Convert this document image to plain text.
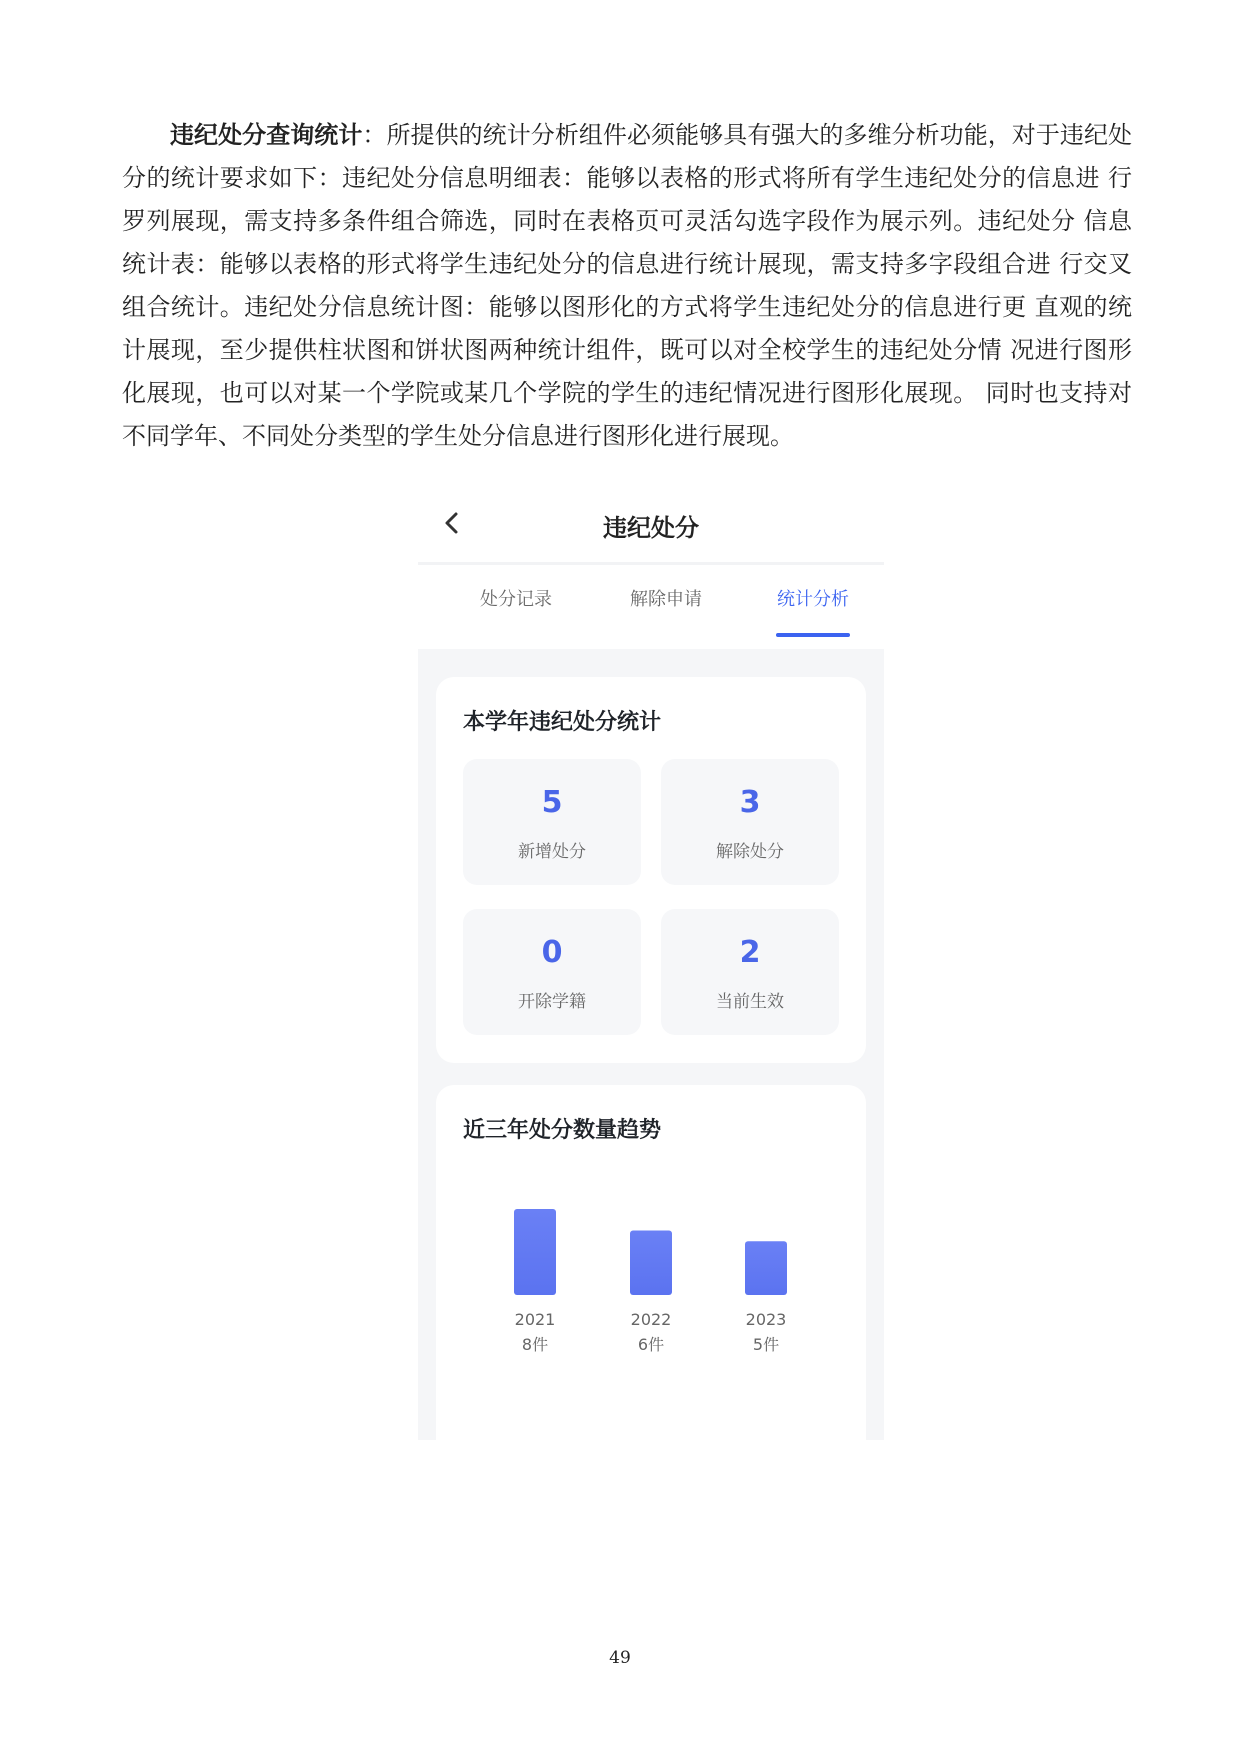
违纪处分查询统计：所提供的统计分析组件必须能够具有强大的多维分析功能，对于违纪处 分的统计要求如下：违纪处分信息明细表：能够以表格的形式将所有学生违纪处分的信息进 行罗列展现，需支持多条件组合筛选，同时在表格页可灵活勾选字段作为展示列。违纪处分 信息统计表：能够以表格的形式将学生违纪处分的信息进行统计展现，需支持多字段组合进 行交叉组合统计。违纪处分信息统计图：能够以图形化的方式将学生违纪处分的信息进行更 直观的统计展现，至少提供柱状图和饼状图两种统计组件，既可以对全校学生的违纪处分情 况进行图形化展现，也可以对某一个学院或某几个学院的学生的违纪情况进行图形化展现。 同时也支持对不同学年、不同处分类型的学生处分信息进行图形化进行展现。
违纪处分
处分记录	解除申请	统计分析
本学年违纪处分统计
5
新增处分
3
解除处分
0
开除学籍
2
当前生效
近三年处分数量趋势
2021
8件
2022
6件
2023
5件
49
